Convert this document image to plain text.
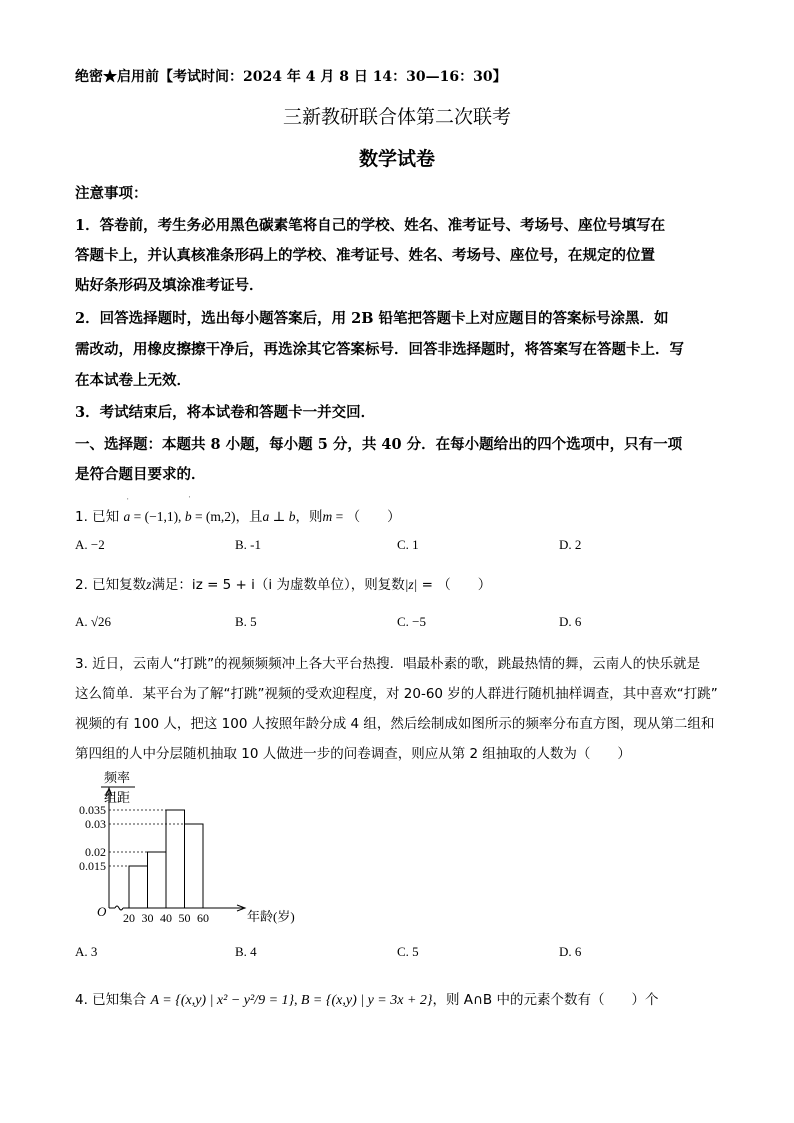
绝密★启用前【考试时间：2024 年 4 月 8 日 14：30—16：30】
三新教研联合体第二次联考
数学试卷
注意事项：
1．答卷前，考生务必用黑色碳素笔将自己的学校、姓名、准考证号、考场号、座位号填写在
答题卡上，并认真核准条形码上的学校、准考证号、姓名、考场号、座位号，在规定的位置
贴好条形码及填涂准考证号．
2．回答选择题时，选出每小题答案后，用 2B 铅笔把答题卡上对应题目的答案标号涂黑．如
需改动，用橡皮擦擦干净后，再选涂其它答案标号．回答非选择题时，将答案写在答题卡上．写
在本试卷上无效．
3．考试结束后，将本试卷和答题卡一并交回．
一、选择题：本题共 8 小题，每小题 5 分，共 40 分．在每小题给出的四个选项中，只有一项
是符合题目要求的．
1. 已知
ˈ
a = (−1,1),
ˈ
b = (m,2)，且a ⊥ b，则m = （　　）
A. −2	B. -1	C. 1	D. 2
2. 已知复数z满足：iz = 5 + i（i 为虚数单位），则复数|z| = （　　）
A. √26	B. 5	C. −5	D. 6
3. 近日，云南人“打跳”的视频频频冲上各大平台热搜．唱最朴素的歌，跳最热情的舞，云南人的快乐就是
这么简单．某平台为了解“打跳”视频的受欢迎程度，对 20-60 岁的人群进行随机抽样调查，其中喜欢“打跳”
视频的有 100 人，把这 100 人按照年龄分成 4 组，然后绘制成如图所示的频率分布直方图，现从第二组和
第四组的人中分层随机抽取 10 人做进一步的问卷调查，则应从第 2 组抽取的人数为（　　）
频率
组距
O	年龄(岁)
0.035
0.03
0.02
0.015
20 30 40 50 60
A. 3	B. 4	C. 5	D. 6
4. 已知集合 A = {(x,y) | x² − y²/9 = 1}, B = {(x,y) | y = 3x + 2}，则 A∩B 中的元素个数有（　　）个
